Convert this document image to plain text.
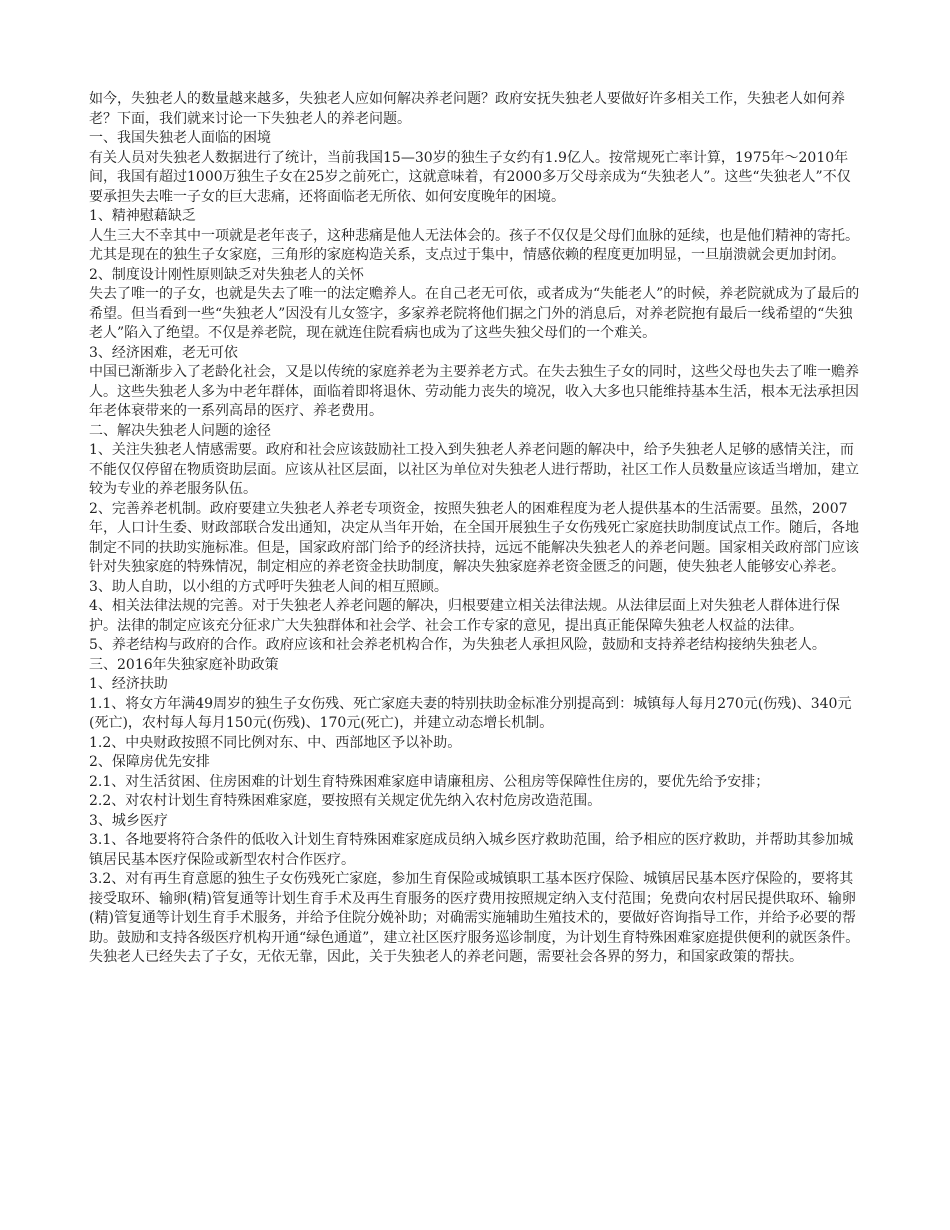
如今，失独老人的数量越来越多，失独老人应如何解决养老问题？政府安抚失独老人要做好许多相关工作，失独老人如何养老？下面，我们就来讨论一下失独老人的养老问题。

一、我国失独老人面临的困境

有关人员对失独老人数据进行了统计，当前我国15—30岁的独生子女约有1.9亿人。按常规死亡率计算，1975年～2010年间，我国有超过1000万独生子女在25岁之前死亡，这就意味着，有2000多万父母亲成为“失独老人”。这些“失独老人”不仅要承担失去唯一子女的巨大悲痛，还将面临老无所依、如何安度晚年的困境。

1、精神慰藉缺乏

人生三大不幸其中一项就是老年丧子，这种悲痛是他人无法体会的。孩子不仅仅是父母们血脉的延续，也是他们精神的寄托。尤其是现在的独生子女家庭，三角形的家庭构造关系，支点过于集中，情感依赖的程度更加明显，一旦崩溃就会更加封闭。

2、制度设计刚性原则缺乏对失独老人的关怀

失去了唯一的子女，也就是失去了唯一的法定赡养人。在自己老无可依，或者成为“失能老人”的时候，养老院就成为了最后的希望。但当看到一些“失独老人”因没有儿女签字，多家养老院将他们据之门外的消息后，对养老院抱有最后一线希望的“失独老人”陷入了绝望。不仅是养老院，现在就连住院看病也成为了这些失独父母们的一个难关。

3、经济困难，老无可依

中国已渐渐步入了老龄化社会，又是以传统的家庭养老为主要养老方式。在失去独生子女的同时，这些父母也失去了唯一赡养人。这些失独老人多为中老年群体，面临着即将退休、劳动能力丧失的境况，收入大多也只能维持基本生活，根本无法承担因年老体衰带来的一系列高昂的医疗、养老费用。

二、解决失独老人问题的途径

1、关注失独老人情感需要。政府和社会应该鼓励社工投入到失独老人养老问题的解决中，给予失独老人足够的感情关注，而不能仅仅停留在物质资助层面。应该从社区层面，以社区为单位对失独老人进行帮助，社区工作人员数量应该适当增加，建立较为专业的养老服务队伍。

2、完善养老机制。政府要建立失独老人养老专项资金，按照失独老人的困难程度为老人提供基本的生活需要。虽然，2007年，人口计生委、财政部联合发出通知，决定从当年开始，在全国开展独生子女伤残死亡家庭扶助制度试点工作。随后，各地制定不同的扶助实施标准。但是，国家政府部门给予的经济扶持，远远不能解决失独老人的养老问题。国家相关政府部门应该针对失独家庭的特殊情况，制定相应的养老资金扶助制度，解决失独家庭养老资金匮乏的问题，使失独老人能够安心养老。

3、助人自助，以小组的方式呼吁失独老人间的相互照顾。

4、相关法律法规的完善。对于失独老人养老问题的解决，归根要建立相关法律法规。从法律层面上对失独老人群体进行保护。法律的制定应该充分征求广大失独群体和社会学、社会工作专家的意见，提出真正能保障失独老人权益的法律。

5、养老结构与政府的合作。政府应该和社会养老机构合作，为失独老人承担风险，鼓励和支持养老结构接纳失独老人。

三、2016年失独家庭补助政策

1、经济扶助

1.1、将女方年满49周岁的独生子女伤残、死亡家庭夫妻的特别扶助金标准分别提高到：城镇每人每月270元(伤残)、340元(死亡)，农村每人每月150元(伤残)、170元(死亡)，并建立动态增长机制。

1.2、中央财政按照不同比例对东、中、西部地区予以补助。

2、保障房优先安排

2.1、对生活贫困、住房困难的计划生育特殊困难家庭申请廉租房、公租房等保障性住房的，要优先给予安排；

2.2、对农村计划生育特殊困难家庭，要按照有关规定优先纳入农村危房改造范围。

3、城乡医疗

3.1、各地要将符合条件的低收入计划生育特殊困难家庭成员纳入城乡医疗救助范围，给予相应的医疗救助，并帮助其参加城镇居民基本医疗保险或新型农村合作医疗。

3.2、对有再生育意愿的独生子女伤残死亡家庭，参加生育保险或城镇职工基本医疗保险、城镇居民基本医疗保险的，要将其接受取环、输卵(精)管复通等计划生育手术及再生育服务的医疗费用按照规定纳入支付范围；免费向农村居民提供取环、输卵(精)管复通等计划生育手术服务，并给予住院分娩补助；对确需实施辅助生殖技术的，要做好咨询指导工作，并给予必要的帮助。鼓励和支持各级医疗机构开通“绿色通道”，建立社区医疗服务巡诊制度，为计划生育特殊困难家庭提供便利的就医条件。

失独老人已经失去了子女，无依无靠，因此，关于失独老人的养老问题，需要社会各界的努力，和国家政策的帮扶。
